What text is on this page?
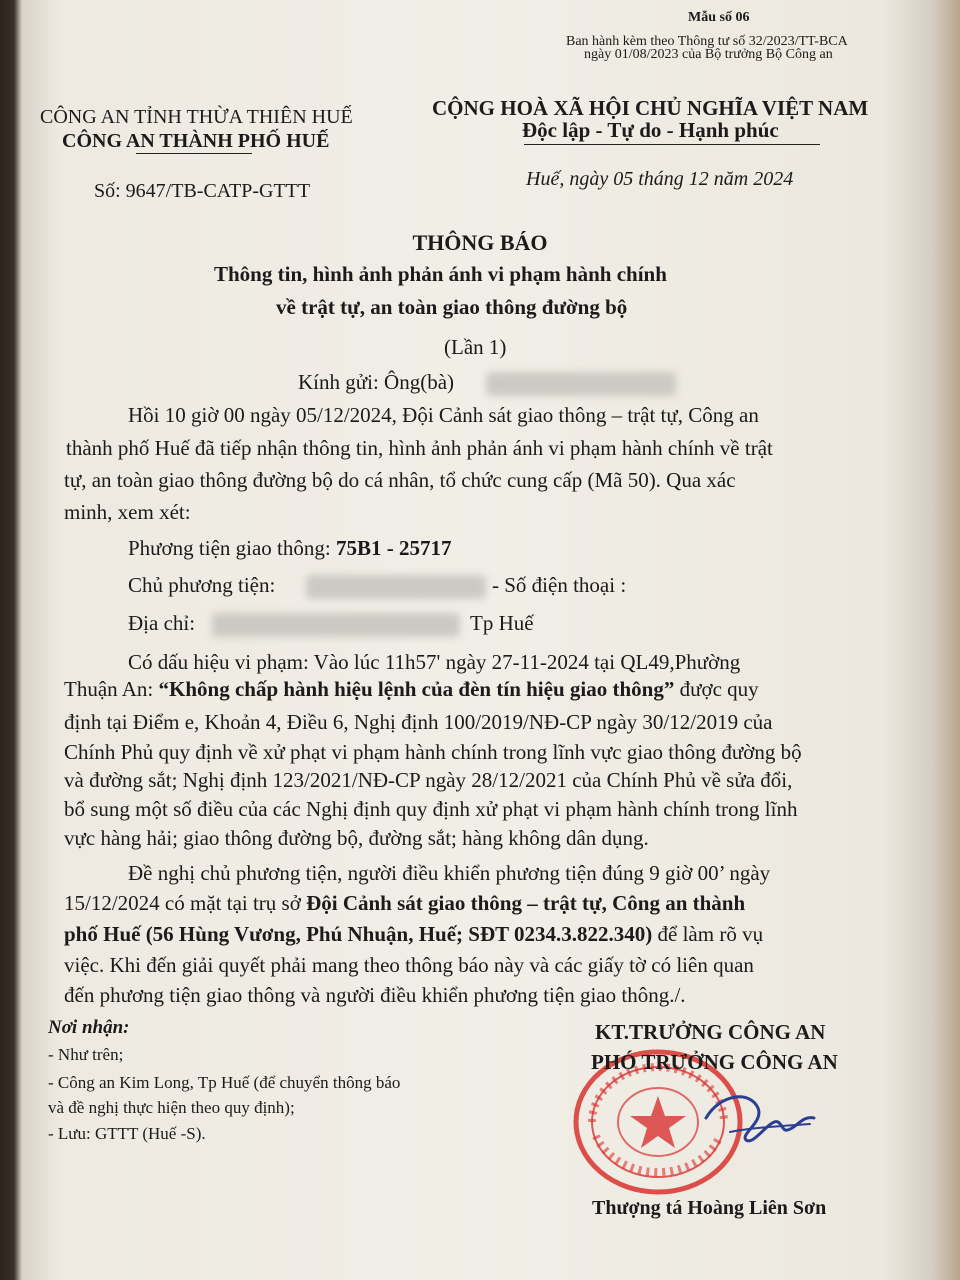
Mẫu số 06
Ban hành kèm theo Thông tư số 32/2023/TT-BCA
ngày 01/08/2023 của Bộ trưởng Bộ Công an
CÔNG AN TỈNH THỪA THIÊN HUẾ
CÔNG AN THÀNH PHỐ HUẾ
CỘNG HOÀ XÃ HỘI CHỦ NGHĨA VIỆT NAM
Độc lập - Tự do - Hạnh phúc
Số: 9647/TB-CATP-GTTT
Huế, ngày 05 tháng 12 năm 2024
THÔNG BÁO
Thông tin, hình ảnh phản ánh vi phạm hành chính
về trật tự, an toàn giao thông đường bộ
(Lần 1)
Kính gửi: Ông(bà)
Hồi 10 giờ 00 ngày 05/12/2024, Đội Cảnh sát giao thông – trật tự, Công an
thành phố Huế đã tiếp nhận thông tin, hình ảnh phản ánh vi phạm hành chính về trật
tự, an toàn giao thông đường bộ do cá nhân, tổ chức cung cấp (Mã 50). Qua xác
minh, xem xét:
Phương tiện giao thông: 75B1 - 25717
Chủ phương tiện:	- Số điện thoại :
Địa chỉ:	Tp Huế
Có dấu hiệu vi phạm: Vào lúc 11h57' ngày 27-11-2024 tại QL49,Phường
Thuận An: “Không chấp hành hiệu lệnh của đèn tín hiệu giao thông” được quy
định tại Điểm e, Khoản 4, Điều 6, Nghị định 100/2019/NĐ-CP ngày 30/12/2019 của
Chính Phủ quy định về xử phạt vi phạm hành chính trong lĩnh vực giao thông đường bộ
và đường sắt; Nghị định 123/2021/NĐ-CP ngày 28/12/2021 của Chính Phủ về sửa đổi,
bổ sung một số điều của các Nghị định quy định xử phạt vi phạm hành chính trong lĩnh
vực hàng hải; giao thông đường bộ, đường sắt; hàng không dân dụng.
Đề nghị chủ phương tiện, người điều khiển phương tiện đúng 9 giờ 00’ ngày
15/12/2024 có mặt tại trụ sở Đội Cảnh sát giao thông – trật tự, Công an thành
phố Huế (56 Hùng Vương, Phú Nhuận, Huế; SĐT 0234.3.822.340) để làm rõ vụ
việc. Khi đến giải quyết phải mang theo thông báo này và các giấy tờ có liên quan
đến phương tiện giao thông và người điều khiển phương tiện giao thông./.
Nơi nhận:
- Như trên;
- Công an Kim Long, Tp Huế (để chuyển thông báo
và đề nghị thực hiện theo quy định);
- Lưu: GTTT (Huế -S).
KT.TRƯỞNG CÔNG AN
PHÓ TRƯỞNG CÔNG AN
Thượng tá Hoàng Liên Sơn
